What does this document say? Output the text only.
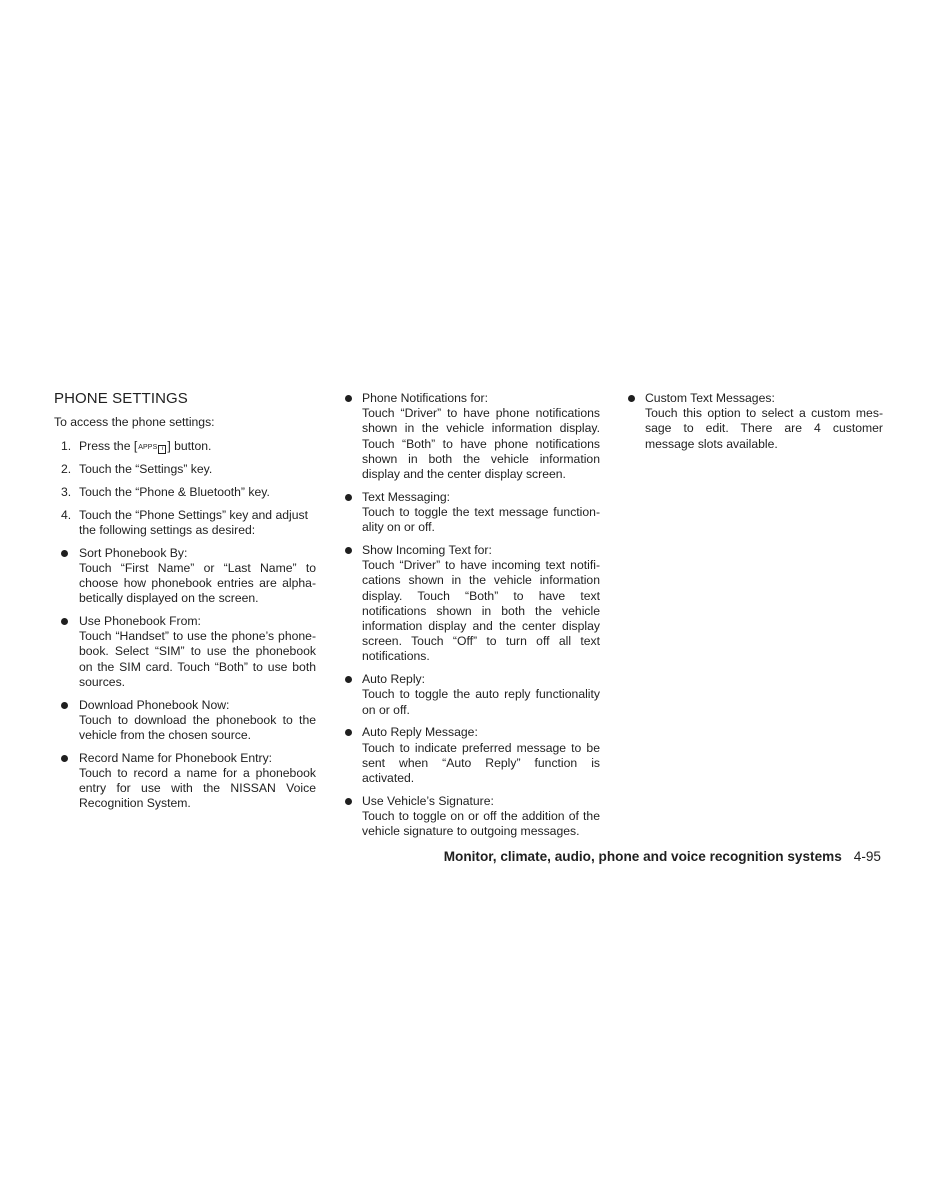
PHONE SETTINGS
To access the phone settings:
1. Press the [APPS i ] button.
2. Touch the “Settings” key.
3. Touch the “Phone & Bluetooth” key.
4. Touch the “Phone Settings” key and adjust the following settings as desired:
Sort Phonebook By:
Touch “First Name” or “Last Name” to choose how phonebook entries are alphabetically displayed on the screen.
Use Phonebook From:
Touch “Handset” to use the phone’s phonebook. Select “SIM” to use the phonebook on the SIM card. Touch “Both” to use both sources.
Download Phonebook Now:
Touch to download the phonebook to the vehicle from the chosen source.
Record Name for Phonebook Entry:
Touch to record a name for a phonebook entry for use with the NISSAN Voice Recognition System.
Phone Notifications for:
Touch “Driver” to have phone notifications shown in the vehicle information display. Touch “Both” to have phone notifications shown in both the vehicle information display and the center display screen.
Text Messaging:
Touch to toggle the text message functionality on or off.
Show Incoming Text for:
Touch “Driver” to have incoming text notifications shown in the vehicle information display. Touch “Both” to have text notifications shown in both the vehicle information display and the center display screen. Touch “Off” to turn off all text notifications.
Auto Reply:
Touch to toggle the auto reply functionality on or off.
Auto Reply Message:
Touch to indicate preferred message to be sent when “Auto Reply” function is activated.
Use Vehicle’s Signature:
Touch to toggle on or off the addition of the vehicle signature to outgoing messages.
Custom Text Messages:
Touch this option to select a custom message to edit. There are 4 customer message slots available.
Monitor, climate, audio, phone and voice recognition systems 4-95
